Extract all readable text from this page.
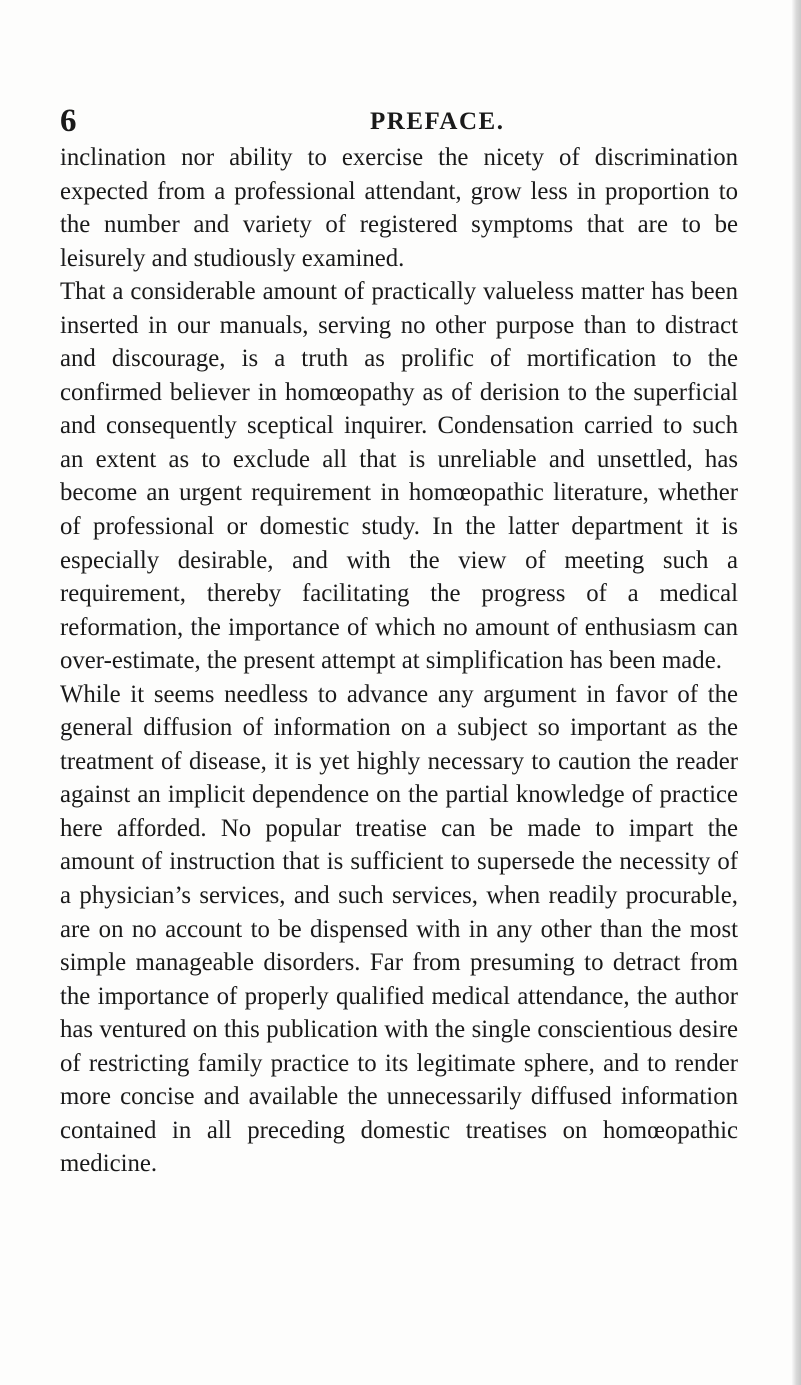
6	PREFACE.

inclination nor ability to exercise the nicety of discrimination expected from a professional attendant, grow less in proportion to the number and variety of registered symptoms that are to be leisurely and studiously examined.

That a considerable amount of practically valueless matter has been inserted in our manuals, serving no other purpose than to distract and discourage, is a truth as prolific of mortification to the confirmed believer in homœopathy as of derision to the superficial and consequently sceptical inquirer. Condensation carried to such an extent as to exclude all that is unreliable and unsettled, has become an urgent requirement in homœopathic literature, whether of professional or domestic study. In the latter department it is especially desirable, and with the view of meeting such a requirement, thereby facilitating the progress of a medical reformation, the importance of which no amount of enthusiasm can over-estimate, the present attempt at simplification has been made.

While it seems needless to advance any argument in favor of the general diffusion of information on a subject so important as the treatment of disease, it is yet highly necessary to caution the reader against an implicit dependence on the partial knowledge of practice here afforded. No popular treatise can be made to impart the amount of instruction that is sufficient to supersede the necessity of a physician’s services, and such services, when readily procurable, are on no account to be dispensed with in any other than the most simple manageable disorders. Far from presuming to detract from the importance of properly qualified medical attendance, the author has ventured on this publication with the single conscientious desire of restricting family practice to its legitimate sphere, and to render more concise and available the unnecessarily diffused information contained in all preceding domestic treatises on homœopathic medicine.
